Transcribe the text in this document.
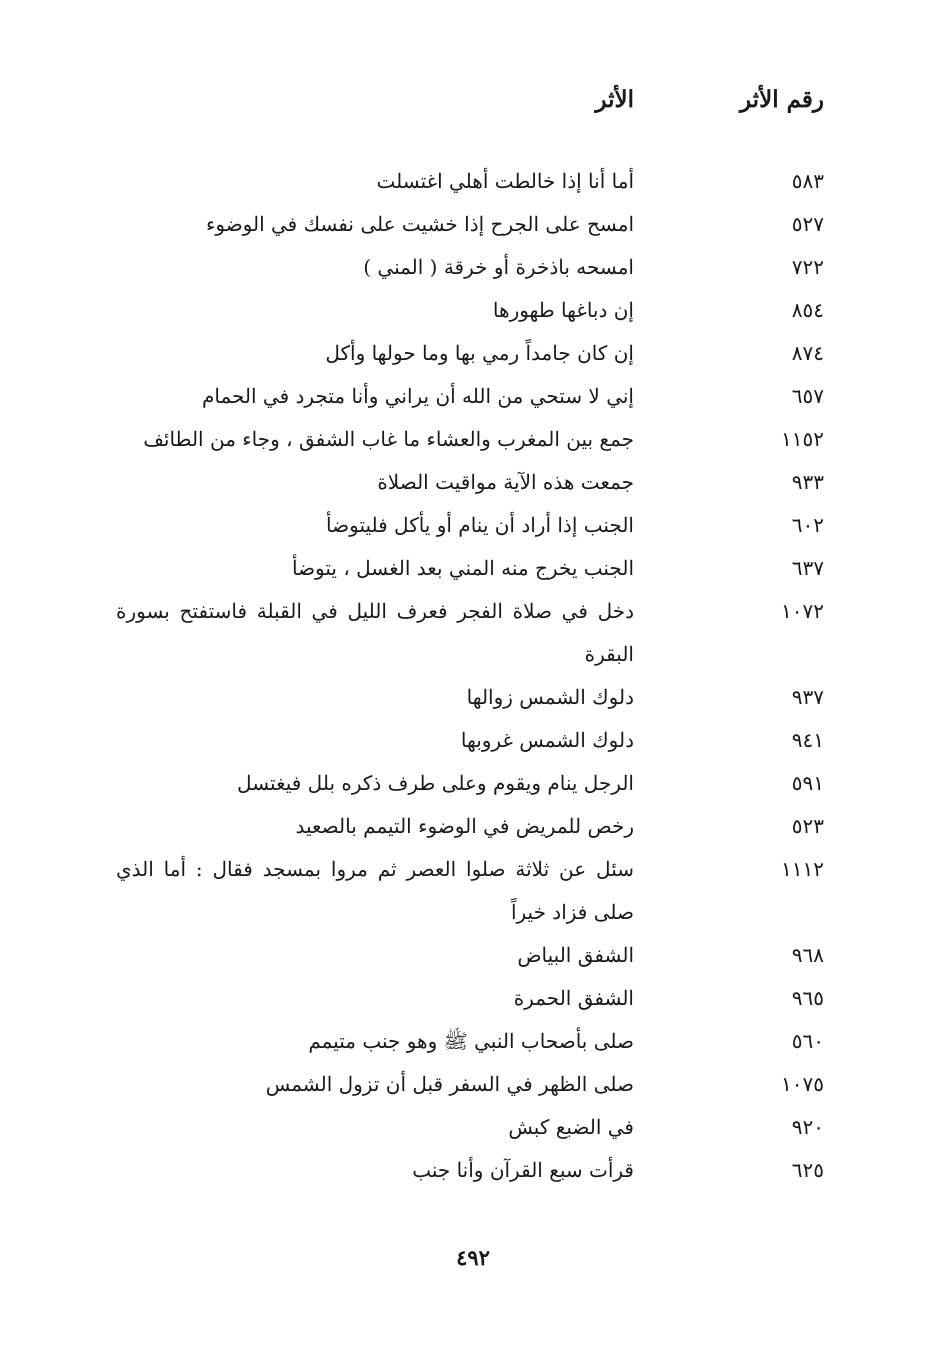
رقم الأثر
الأثر
٥٨٣
أما أنا إذا خالطت أهلي اغتسلت
٥٢٧
امسح على الجرح إذا خشيت على نفسك في الوضوء
٧٢٢
امسحه باذخرة أو خرقة ( المني )
٨٥٤
إن دباغها طهورها
٨٧٤
إن كان جامداً رمي بها وما حولها وأكل
٦٥٧
إني لا ستحي من الله أن يراني وأنا متجرد في الحمام
١١٥٢
جمع بين المغرب والعشاء ما غاب الشفق ، وجاء من الطائف
٩٣٣
جمعت هذه الآية مواقيت الصلاة
٦٠٢
الجنب إذا أراد أن ينام أو يأكل فليتوضأ
٦٣٧
الجنب يخرج منه المني بعد الغسل ، يتوضأ
١٠٧٢
دخل في صلاة الفجر فعرف الليل في القبلة فاستفتح بسورة
البقرة
٩٣٧
دلوك الشمس زوالها
٩٤١
دلوك الشمس غروبها
٥٩١
الرجل ينام ويقوم وعلى طرف ذكره بلل فيغتسل
٥٢٣
رخص للمريض في الوضوء التيمم بالصعيد
١١١٢
سئل عن ثلاثة صلوا العصر ثم مروا بمسجد فقال : أما الذي
صلى فزاد خيراً
٩٦٨
الشفق البياض
٩٦٥
الشفق الحمرة
٥٦٠
صلى بأصحاب النبي ﷺ وهو جنب متيمم
١٠٧٥
صلى الظهر في السفر قبل أن تزول الشمس
٩٢٠
في الضبع كبش
٦٢٥
قرأت سبع القرآن وأنا جنب
٤٩٢
